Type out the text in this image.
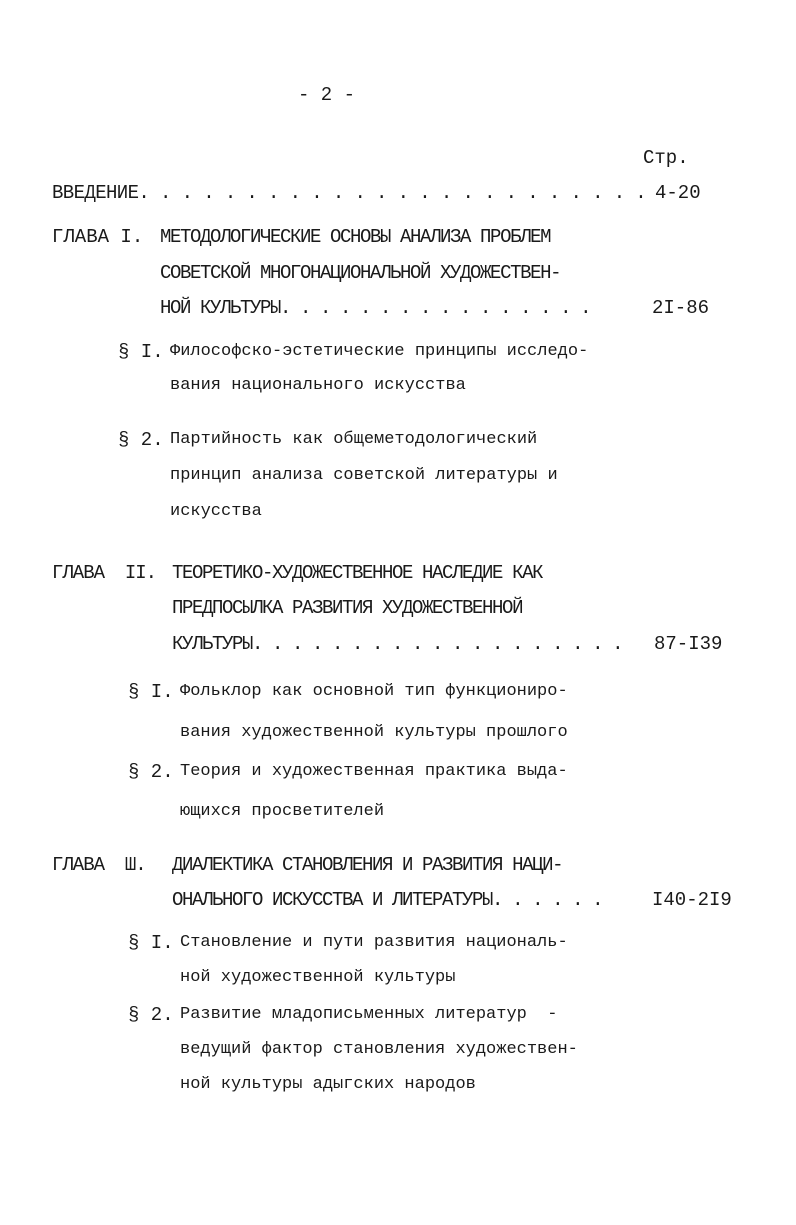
- 2 -
Стр.
ВВЕДЕНИЕ. . . . . . . . . . . . . . . . . . . . . . . . 4-20
ГЛАВА I. МЕТОДОЛОГИЧЕСКИЕ ОСНОВЫ АНАЛИЗА ПРОБЛЕМ
СОВЕТСКОЙ МНОГОНАЦИОНАЛЬНОЙ ХУДОЖЕСТВЕН-
НОЙ КУЛЬТУРЫ. . . . . . . . . . . . . . . .	2I-86
§ I. Философско-эстетические принципы исследо-
вания национального искусства
§ 2. Партийность как общеметодологический
принцип анализа советской литературы и
искусства
ГЛАВА  II. ТЕОРЕТИКО-ХУДОЖЕСТВЕННОЕ НАСЛЕДИЕ КАК
ПРЕДПОСЫЛКА РАЗВИТИЯ ХУДОЖЕСТВЕННОЙ
КУЛЬТУРЫ. . . . . . . . . . . . . . . . . . . 87-I39
§ I. Фольклор как основной тип функциониро-
вания художественной культуры прошлого
§ 2. Теория и художественная практика выда-
ющихся просветителей
ГЛАВА  Ш. ДИАЛЕКТИКА СТАНОВЛЕНИЯ И РАЗВИТИЯ НАЦИ-
ОНАЛЬНОГО ИСКУССТВА И ЛИТЕРАТУРЫ. . . . . .	I40-2I9
§ I. Становление и пути развития националь-
ной художественной культуры
§ 2. Развитие младописьменных литератур  -
ведущий фактор становления художествен-
ной культуры адыгских народов
